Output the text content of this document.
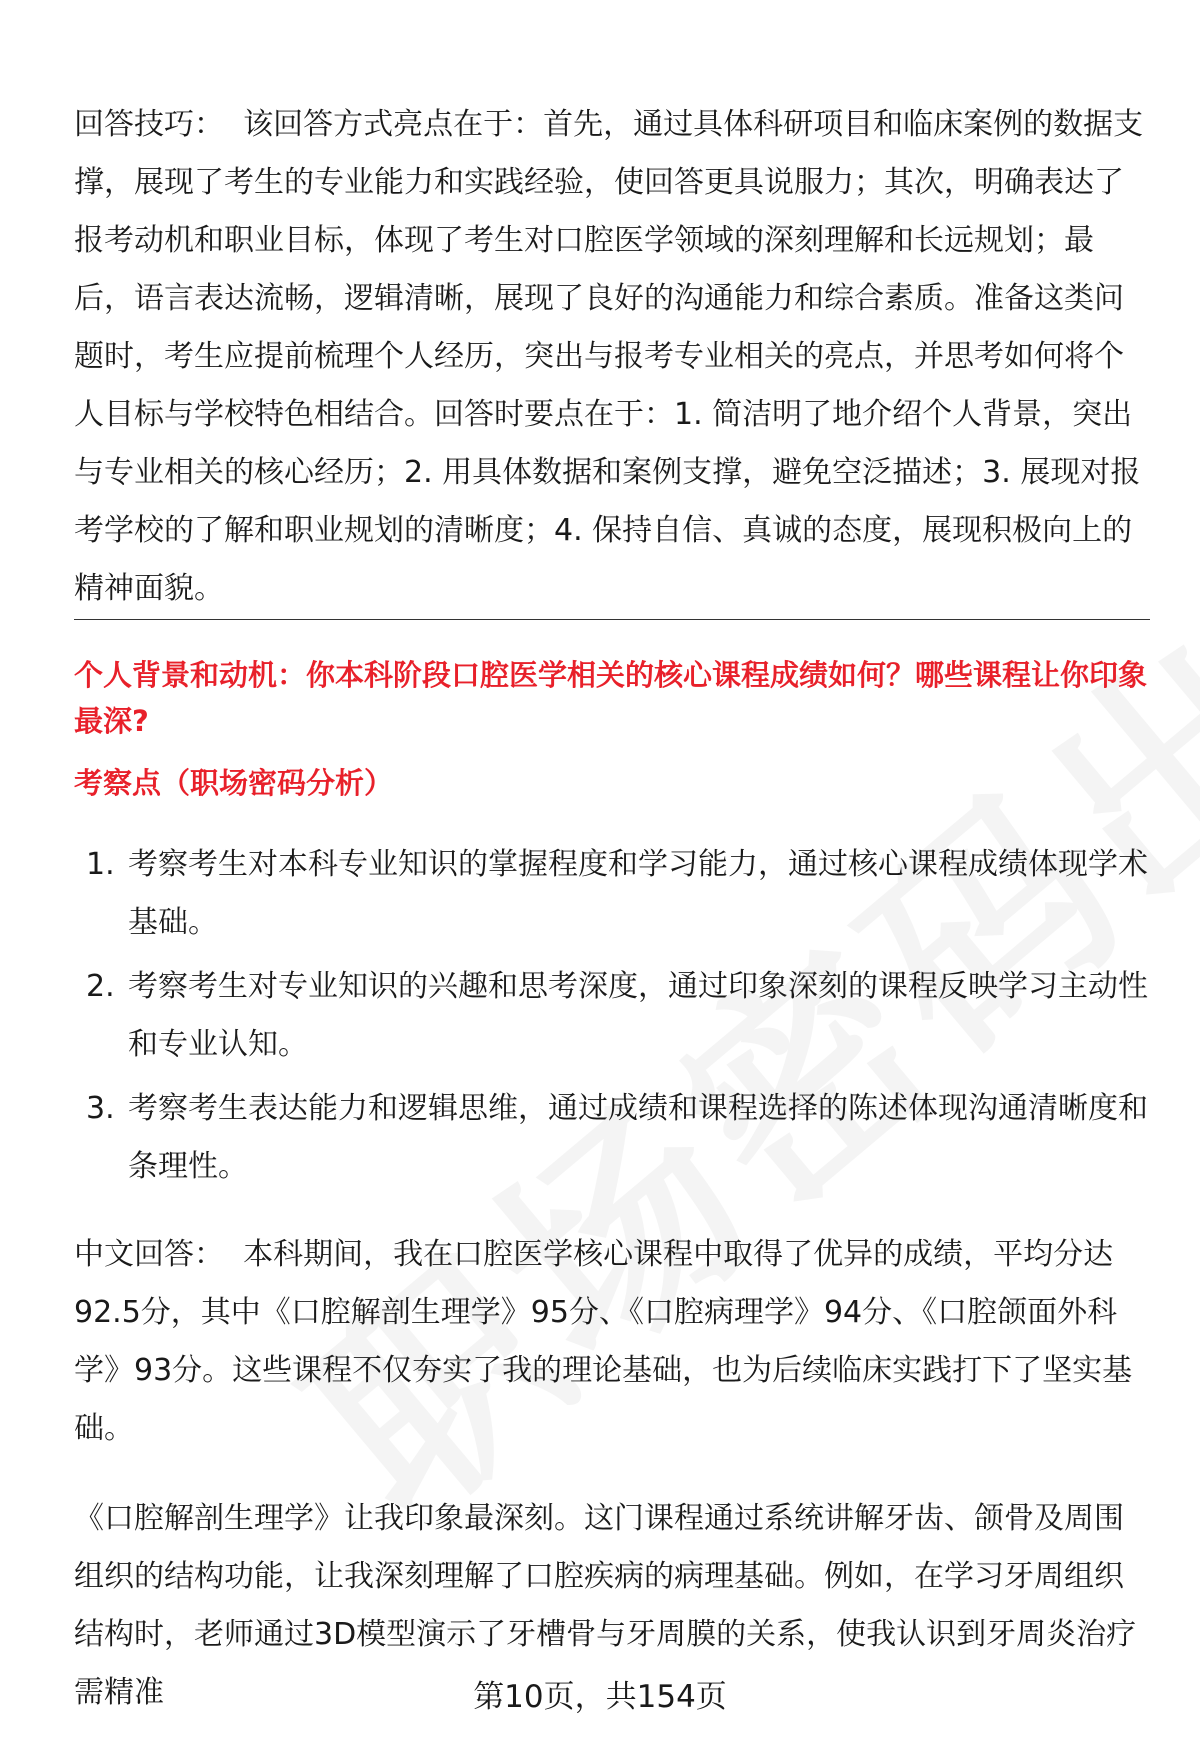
回答技巧： 该回答方式亮点在于：首先，通过具体科研项目和临床案例的数据支撑，展现了考生的专业能力和实践经验，使回答更具说服力；其次，明确表达了报考动机和职业目标，体现了考生对口腔医学领域的深刻理解和长远规划；最后，语言表达流畅，逻辑清晰，展现了良好的沟通能力和综合素质。准备这类问题时，考生应提前梳理个人经历，突出与报考专业相关的亮点，并思考如何将个人目标与学校特色相结合。回答时要点在于：1. 简洁明了地介绍个人背景，突出与专业相关的核心经历；2. 用具体数据和案例支撑，避免空泛描述；3. 展现对报考学校的了解和职业规划的清晰度；4. 保持自信、真诚的态度，展现积极向上的精神面貌。

个人背景和动机：你本科阶段口腔医学相关的核心课程成绩如何？哪些课程让你印象最深?

考察点（职场密码分析）

1. 考察考生对本科专业知识的掌握程度和学习能力，通过核心课程成绩体现学术基础。
2. 考察考生对专业知识的兴趣和思考深度，通过印象深刻的课程反映学习主动性和专业认知。
3. 考察考生表达能力和逻辑思维，通过成绩和课程选择的陈述体现沟通清晰度和条理性。

中文回答： 本科期间，我在口腔医学核心课程中取得了优异的成绩，平均分达92.5分，其中《口腔解剖生理学》95分、《口腔病理学》94分、《口腔颌面外科学》93分。这些课程不仅夯实了我的理论基础，也为后续临床实践打下了坚实基础。

《口腔解剖生理学》让我印象最深刻。这门课程通过系统讲解牙齿、颌骨及周围组织的结构功能，让我深刻理解了口腔疾病的病理基础。例如，在学习牙周组织结构时，老师通过3D模型演示了牙槽骨与牙周膜的关系，使我认识到牙周炎治疗需精准	第10页，共154页
